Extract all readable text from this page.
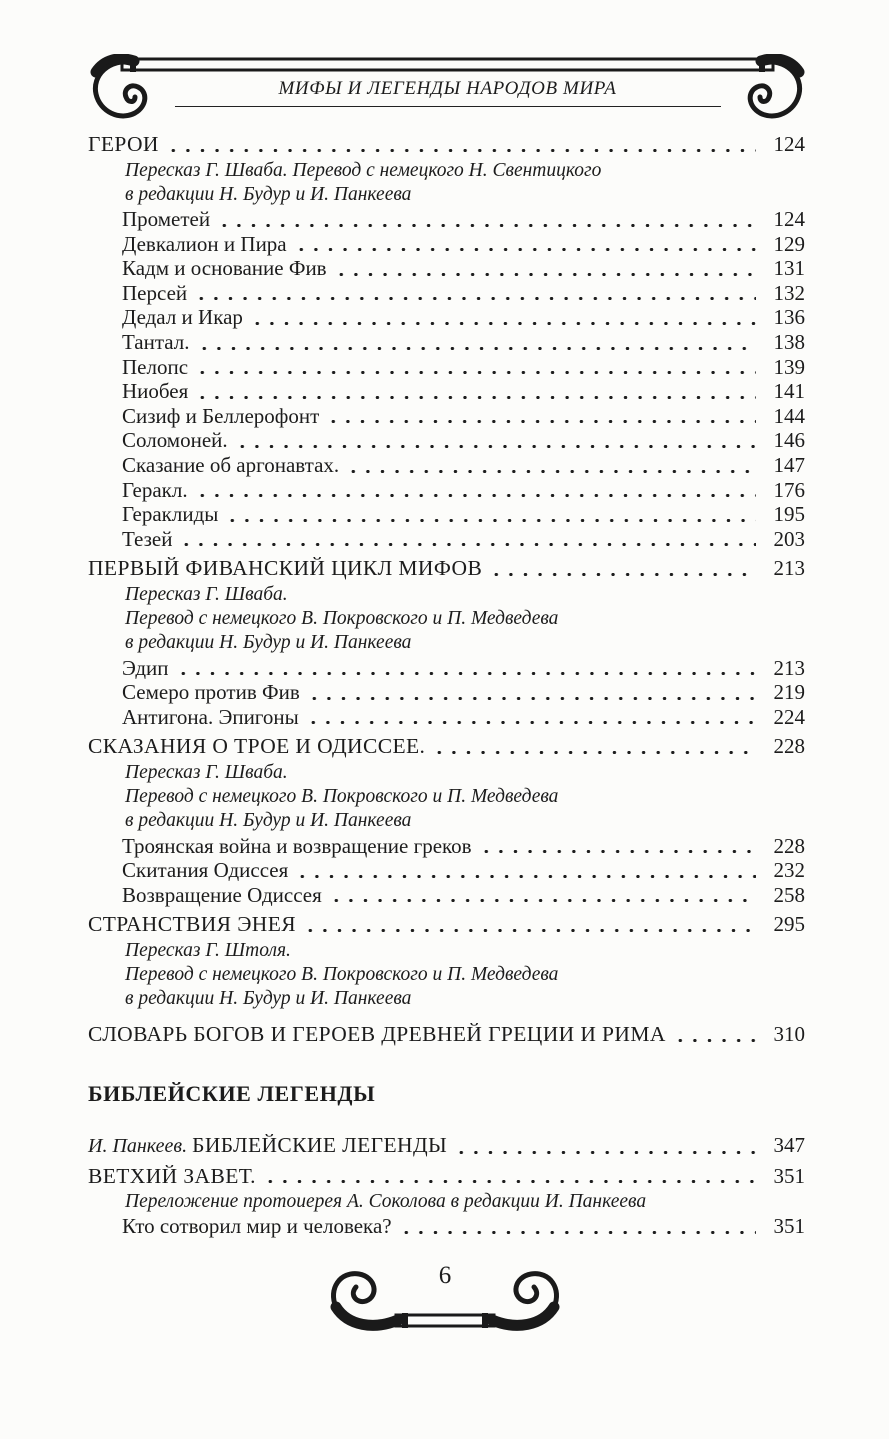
МИФЫ И ЛЕГЕНДЫ НАРОДОВ МИРА
ГЕРОИ	124
Пересказ Г. Шваба. Перевод с немецкого Н. Свентицкого
в редакции Н. Будур и И. Панкеева
Прометей	124
Девкалион и Пира	129
Кадм и основание Фив	131
Персей	132
Дедал и Икар	136
Тантал.	138
Пелопс	139
Ниобея	141
Сизиф и Беллерофонт	144
Соломоней.	146
Сказание об аргонавтах.	147
Геракл.	176
Гераклиды	195
Тезей	203
ПЕРВЫЙ ФИВАНСКИЙ ЦИКЛ МИФОВ	213
Пересказ Г. Шваба.
Перевод с немецкого В. Покровского и П. Медведева
в редакции Н. Будур и И. Панкеева
Эдип	213
Семеро против Фив	219
Антигона. Эпигоны	224
СКАЗАНИЯ О ТРОЕ И ОДИССЕЕ.	228
Пересказ Г. Шваба.
Перевод с немецкого В. Покровского и П. Медведева
в редакции Н. Будур и И. Панкеева
Троянская война и возвращение греков	228
Скитания Одиссея	232
Возвращение Одиссея	258
СТРАНСТВИЯ ЭНЕЯ	295
Пересказ Г. Штоля.
Перевод с немецкого В. Покровского и П. Медведева
в редакции Н. Будур и И. Панкеева
СЛОВАРЬ БОГОВ И ГЕРОЕВ ДРЕВНЕЙ ГРЕЦИИ И РИМА	310
БИБЛЕЙСКИЕ ЛЕГЕНДЫ
И. Панкеев. БИБЛЕЙСКИЕ ЛЕГЕНДЫ	347
ВЕТХИЙ ЗАВЕТ.	351
Переложение протоиерея А. Соколова в редакции И. Панкеева
Кто сотворил мир и человека?	351
6
